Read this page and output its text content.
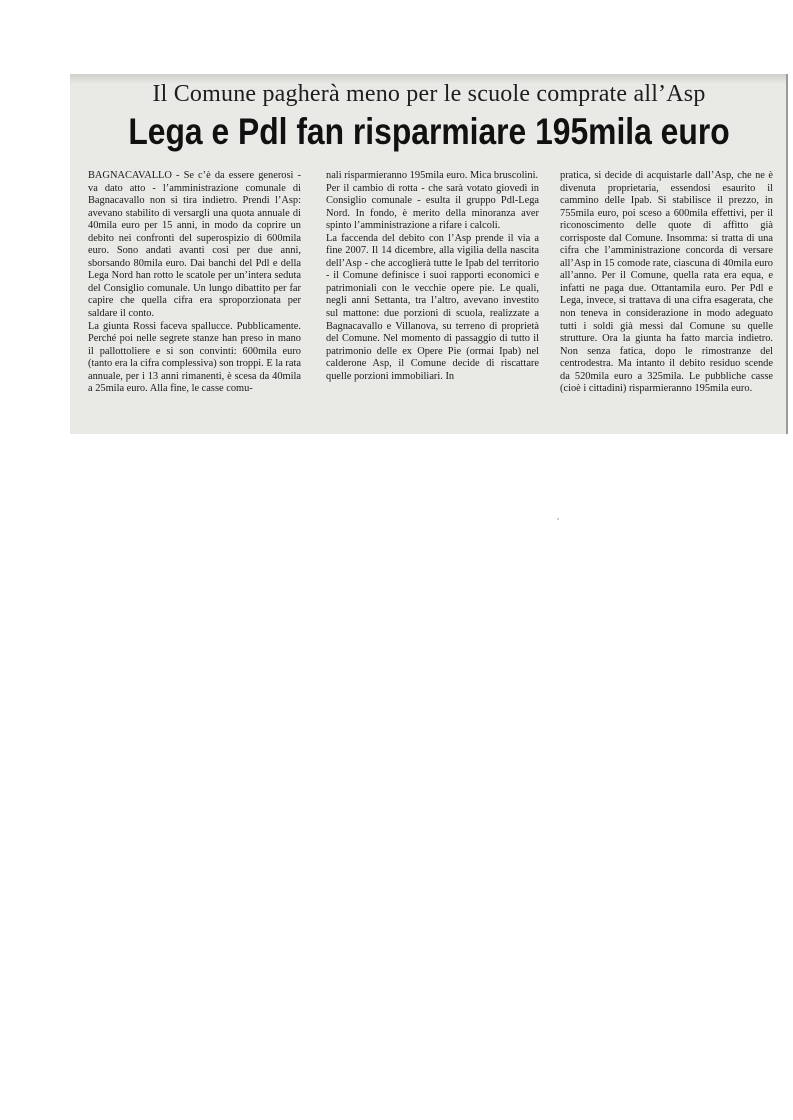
Il Comune pagherà meno per le scuole comprate all’Asp
Lega e Pdl fan risparmiare 195mila euro

BAGNACAVALLO - Se c’è da essere generosi - va dato atto - l’amministrazione comunale di Bagnacavallo non si tira indietro. Prendi l’Asp: avevano stabilito di versargli una quota annuale di 40mila euro per 15 anni, in modo da coprire un debito nei confronti del superospizio di 600mila euro. Sono andati avanti così per due anni, sborsando 80mila euro. Dai banchi del Pdl e della Lega Nord han rotto le scatole per un’intera seduta del Consiglio comunale. Un lungo dibattito per far capire che quella cifra era sproporzionata per saldare il conto.

La giunta Rossi faceva spallucce. Pubblicamente. Perché poi nelle segrete stanze han preso in mano il pallottoliere e si son convinti: 600mila euro (tanto era la cifra complessiva) son troppi. E la rata annuale, per i 13 anni rimanenti, è scesa da 40mila a 25mila euro. Alla fine, le casse comu-

nali risparmieranno 195mila euro. Mica bruscolini.

Per il cambio di rotta - che sarà votato giovedì in Consiglio comunale - esulta il gruppo Pdl-Lega Nord. In fondo, è merito della minoranza aver spinto l’amministrazione a rifare i calcoli.

La faccenda del debito con l’Asp prende il via a fine 2007. Il 14 dicembre, alla vigilia della nascita dell’Asp - che accoglierà tutte le Ipab del territorio - il Comune definisce i suoi rapporti economici e patrimoniali con le vecchie opere pie. Le quali, negli anni Settanta, tra l’altro, avevano investito sul mattone: due porzioni di scuola, realizzate a Bagnacavallo e Villanova, su terreno di proprietà del Comune. Nel momento di passaggio di tutto il patrimonio delle ex Opere Pie (ormai Ipab) nel calderone Asp, il Comune decide di riscattare quelle porzioni immobiliari. In

pratica, si decide di acquistarle dall’Asp, che ne è divenuta proprietaria, essendosi esaurito il cammino delle Ipab. Si stabilisce il prezzo, in 755mila euro, poi sceso a 600mila effettivi, per il riconoscimento delle quote di affitto già corrisposte dal Comune. Insomma: si tratta di una cifra che l’amministrazione concorda di versare all’Asp in 15 comode rate, ciascuna di 40mila euro all’anno. Per il Comune, quella rata era equa, e infatti ne paga due. Ottantamila euro. Per Pdl e Lega, invece, si trattava di una cifra esagerata, che non teneva in considerazione in modo adeguato tutti i soldi già messi dal Comune su quelle strutture. Ora la giunta ha fatto marcia indietro. Non senza fatica, dopo le rimostranze del centrodestra. Ma intanto il debito residuo scende da 520mila euro a 325mila. Le pubbliche casse (cioè i cittadini) risparmieranno 195mila euro.
